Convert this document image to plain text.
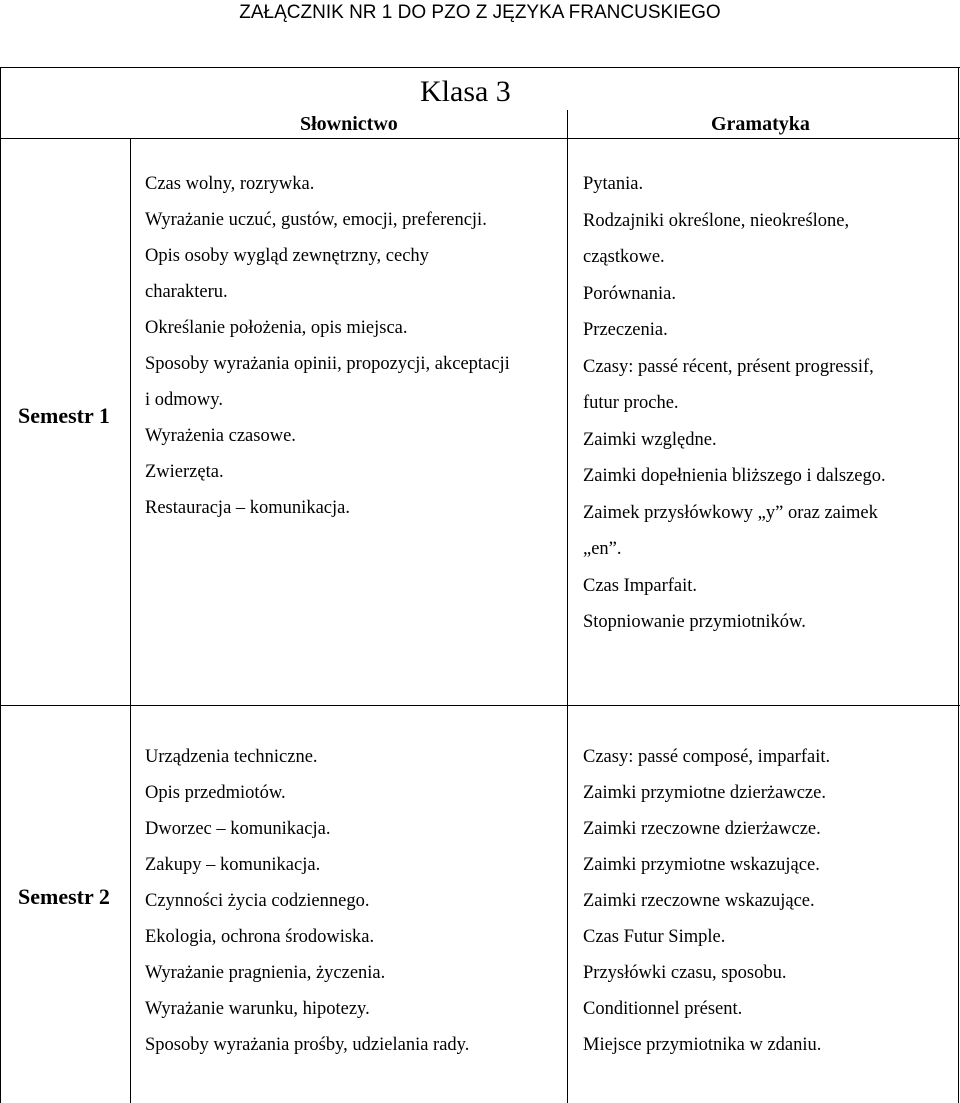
ZAŁĄCZNIK NR 1 DO PZO Z JĘZYKA FRANCUSKIEGO
Klasa 3
Słownictwo	Gramatyka
Semestr 1
Semestr 2
Czas wolny, rozrywka.
Wyrażanie uczuć, gustów, emocji, preferencji.
Opis osoby wygląd zewnętrzny, cechy
charakteru.
Określanie położenia, opis miejsca.
Sposoby wyrażania opinii, propozycji, akceptacji
i odmowy.
Wyrażenia czasowe.
Zwierzęta.
Restauracja – komunikacja.
Pytania.
Rodzajniki określone, nieokreślone,
cząstkowe.
Porównania.
Przeczenia.
Czasy: passé récent, présent progressif,
futur proche.
Zaimki względne.
Zaimki dopełnienia bliższego i dalszego.
Zaimek przysłówkowy „y” oraz zaimek
„en”.
Czas Imparfait.
Stopniowanie przymiotników.
Urządzenia techniczne.
Opis przedmiotów.
Dworzec – komunikacja.
Zakupy – komunikacja.
Czynności życia codziennego.
Ekologia, ochrona środowiska.
Wyrażanie pragnienia, życzenia.
Wyrażanie warunku, hipotezy.
Sposoby wyrażania prośby, udzielania rady.
Czasy: passé composé, imparfait.
Zaimki przymiotne dzierżawcze.
Zaimki rzeczowne dzierżawcze.
Zaimki przymiotne wskazujące.
Zaimki rzeczowne wskazujące.
Czas Futur Simple.
Przysłówki czasu, sposobu.
Conditionnel présent.
Miejsce przymiotnika w zdaniu.
